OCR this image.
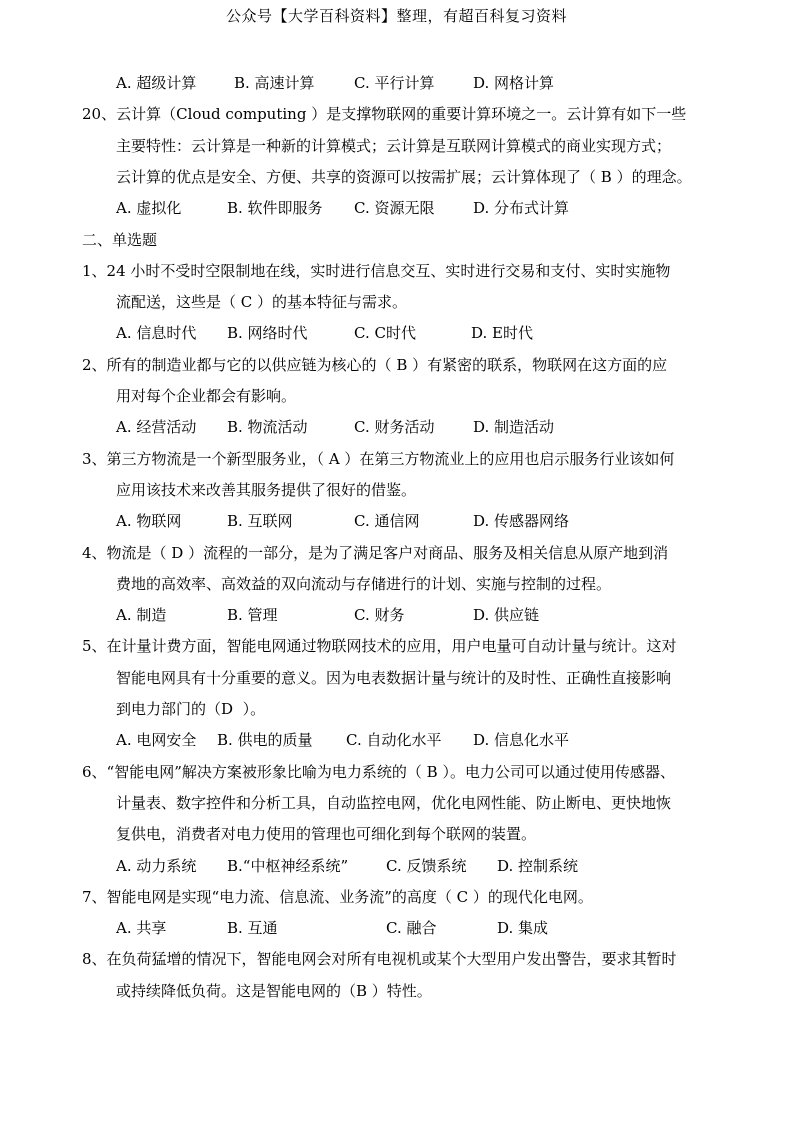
公众号【大学百科资料】整理，有超百科复习资料
A. 超级计算	B. 高速计算	C. 平行计算	D. 网格计算
20、云计算（Cloud computing ）是支撑物联网的重要计算环境之一。云计算有如下一些
主要特性：云计算是一种新的计算模式；云计算是互联网计算模式的商业实现方式；
云计算的优点是安全、方便、共享的资源可以按需扩展；云计算体现了（ B ）的理念。
A. 虚拟化	B. 软件即服务 C. 资源无限	D. 分布式计算
二、单选题
1、24 小时不受时空限制地在线，实时进行信息交互、实时进行交易和支付、实时实施物
流配送，这些是（ C ）的基本特征与需求。
A. 信息时代 B. 网络时代	C. C时代	D. E时代
2、所有的制造业都与它的以供应链为核心的（ B ）有紧密的联系，物联网在这方面的应
用对每个企业都会有影响。
A. 经营活动 B. 物流活动	C. 财务活动	D. 制造活动
3、第三方物流是一个新型服务业，（ A ）在第三方物流业上的应用也启示服务行业该如何
应用该技术来改善其服务提供了很好的借鉴。
A. 物联网	B. 互联网	C. 通信网	D. 传感器网络
4、物流是（ D ）流程的一部分，是为了满足客户对商品、服务及相关信息从原产地到消
费地的高效率、高效益的双向流动与存储进行的计划、实施与控制的过程。
A. 制造	B. 管理	C. 财务	D. 供应链
5、在计量计费方面，智能电网通过物联网技术的应用，用户电量可自动计量与统计。这对
智能电网具有十分重要的意义。因为电表数据计量与统计的及时性、正确性直接影响
到电力部门的（D  ）。
A. 电网安全 B. 供电的质量 C. 自动化水平 D. 信息化水平
6、“智能电网”解决方案被形象比喻为电力系统的（ B ）。电力公司可以通过使用传感器、
计量表、数字控件和分析工具，自动监控电网，优化电网性能、防止断电、更快地恢
复供电，消费者对电力使用的管理也可细化到每个联网的装置。
A. 动力系统 B.“中枢神经系统”	C. 反馈系统 D. 控制系统
7、智能电网是实现“电力流、信息流、业务流”的高度（ C ）的现代化电网。
A. 共享	B. 互通	C. 融合	D. 集成
8、在负荷猛增的情况下，智能电网会对所有电视机或某个大型用户发出警告，要求其暂时
或持续降低负荷。这是智能电网的（B ）特性。
